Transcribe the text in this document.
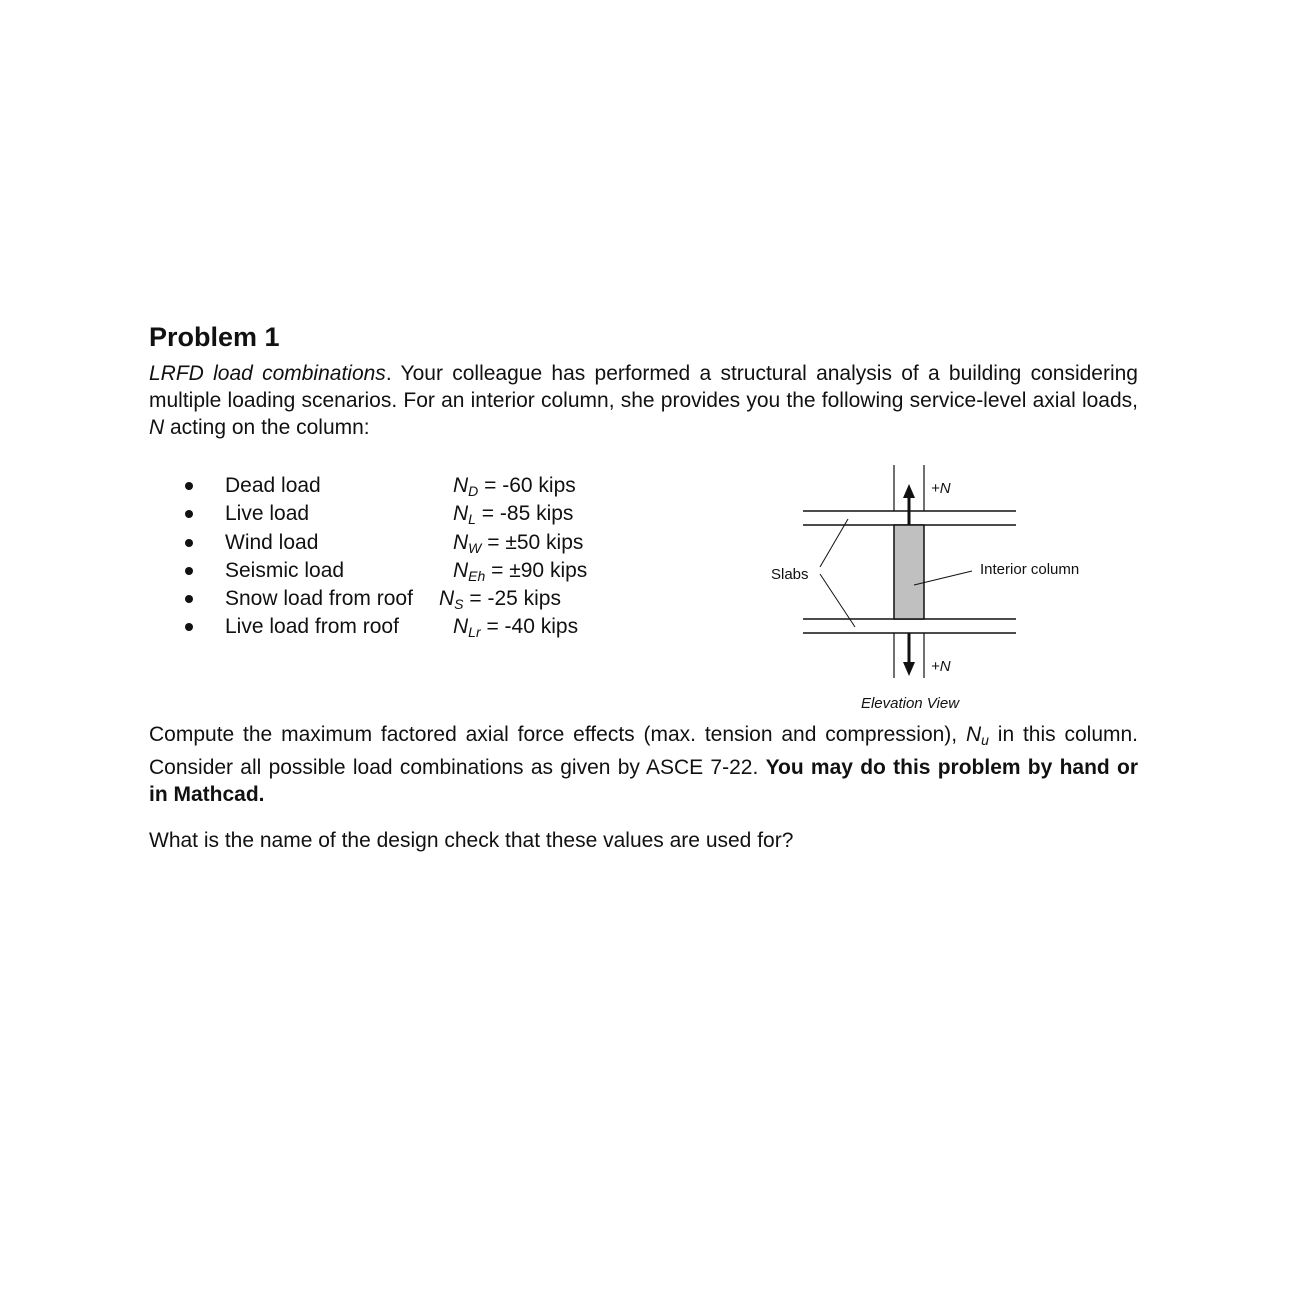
Problem 1

LRFD load combinations. Your colleague has performed a structural analysis of a building considering multiple loading scenarios. For an interior column, she provides you the following service-level axial loads, N acting on the column:

Dead load	ND = -60 kips
Live load	NL = -85 kips
Wind load	NW = ±50 kips
Seismic load	NEh = ±90 kips
Snow load from roof NS = -25 kips
Live load from roof	NLr = -40 kips
+N
+N
Slabs	Interior column
Elevation View

Compute the maximum factored axial force effects (max. tension and compression), Nu in this column. Consider all possible load combinations as given by ASCE 7-22. You may do this problem by hand or in Mathcad.

What is the name of the design check that these values are used for?
